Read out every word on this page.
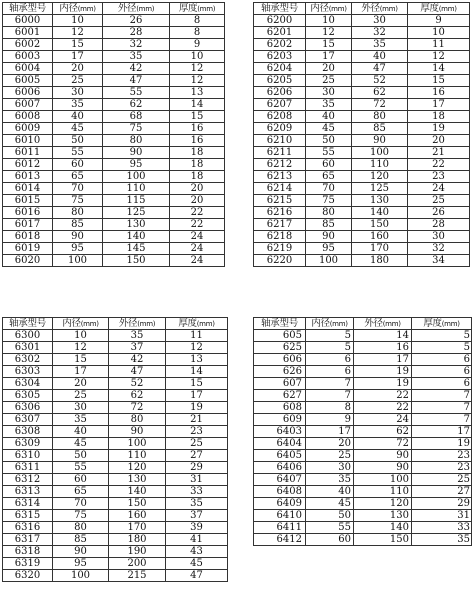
轴承型号	内径(mm)	外径(mm)	厚度(mm)
6000	10	26	8
6001	12	28	8
6002	15	32	9
6003	17	35	10
6004	20	42	12
6005	25	47	12
6006	30	55	13
6007	35	62	14
6008	40	68	15
6009	45	75	16
6010	50	80	16
6011	55	90	18
6012	60	95	18
6013	65	100	18
6014	70	110	20
6015	75	115	20
6016	80	125	22
6017	85	130	22
6018	90	140	24
6019	95	145	24
6020	100	150	24
轴承型号	内径(mm)	外径(mm)	厚度(mm)
6200	10	30	9
6201	12	32	10
6202	15	35	11
6203	17	40	12
6204	20	47	14
6205	25	52	15
6206	30	62	16
6207	35	72	17
6208	40	80	18
6209	45	85	19
6210	50	90	20
6211	55	100	21
6212	60	110	22
6213	65	120	23
6214	70	125	24
6215	75	130	25
6216	80	140	26
6217	85	150	28
6218	90	160	30
6219	95	170	32
6220	100	180	34
轴承型号	内径(mm)	外径(mm)	厚度(mm)
6300	10	35	11
6301	12	37	12
6302	15	42	13
6303	17	47	14
6304	20	52	15
6305	25	62	17
6306	30	72	19
6307	35	80	21
6308	40	90	23
6309	45	100	25
6310	50	110	27
6311	55	120	29
6312	60	130	31
6313	65	140	33
6314	70	150	35
6315	75	160	37
6316	80	170	39
6317	85	180	41
6318	90	190	43
6319	95	200	45
6320	100	215	47
轴承型号	内径(mm)	外径(mm)	厚度(mm)
605	5	14	5
625	5	16	5
606	6	17	6
626	6	19	6
607	7	19	6
627	7	22	7
608	8	22	7
609	9	24	7
6403	17	62	17
6404	20	72	19
6405	25	90	23
6406	30	90	23
6407	35	100	25
6408	40	110	27
6409	45	120	29
6410	50	130	31
6411	55	140	33
6412	60	150	35
